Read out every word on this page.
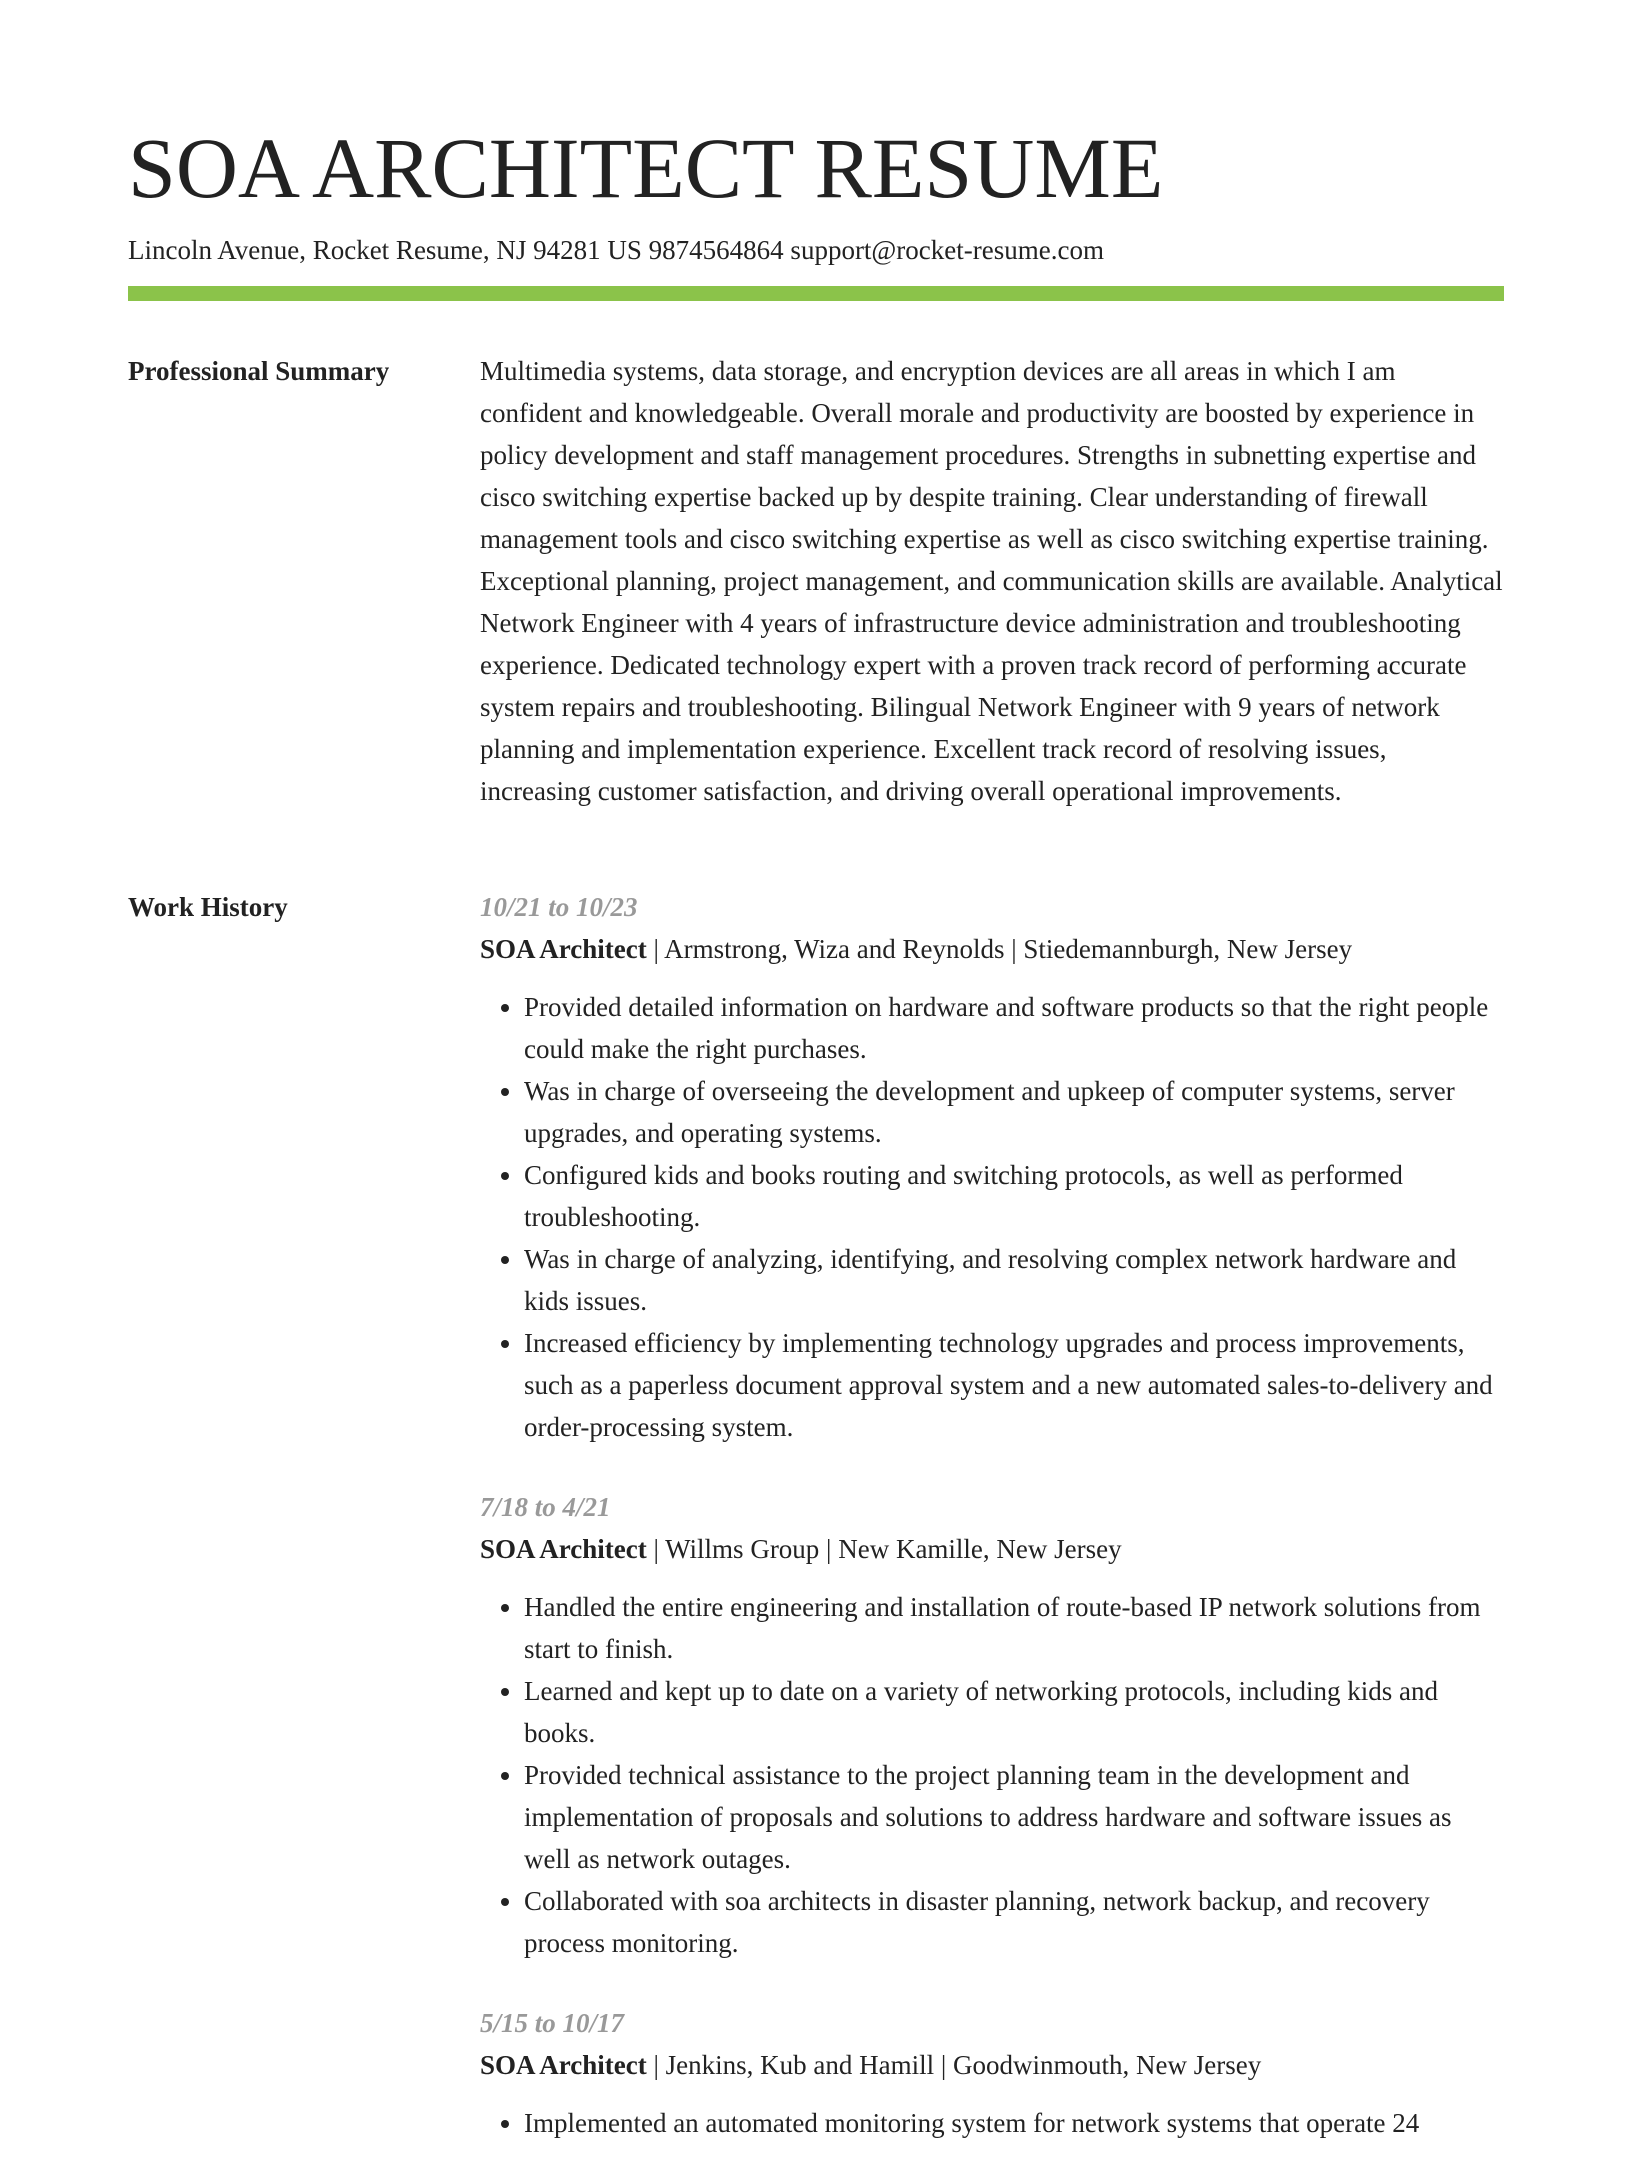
SOA ARCHITECT RESUME
Lincoln Avenue, Rocket Resume, NJ 94281 US 9874564864 support@rocket-resume.com
Professional Summary	Multimedia systems, data storage, and encryption devices are all areas in which I am confident and knowledgeable. Overall morale and productivity are boosted by experience in policy development and staff management procedures. Strengths in subnetting expertise and cisco switching expertise backed up by despite training. Clear understanding of firewall management tools and cisco switching expertise as well as cisco switching expertise training. Exceptional planning, project management, and communication skills are available. Analytical Network Engineer with 4 years of infrastructure device administration and troubleshooting experience. Dedicated technology expert with a proven track record of performing accurate system repairs and troubleshooting. Bilingual Network Engineer with 9 years of network planning and implementation experience. Excellent track record of resolving issues, increasing customer satisfaction, and driving overall operational improvements.

Work History	10/21 to 10/23
SOA Architect | Armstrong, Wiza and Reynolds | Stiedemannburgh, New Jersey
• Provided detailed information on hardware and software products so that the right people could make the right purchases.
• Was in charge of overseeing the development and upkeep of computer systems, server upgrades, and operating systems.
• Configured kids and books routing and switching protocols, as well as performed troubleshooting.
• Was in charge of analyzing, identifying, and resolving complex network hardware and kids issues.
• Increased efficiency by implementing technology upgrades and process improvements, such as a paperless document approval system and a new automated sales-to-delivery and order-processing system.
7/18 to 4/21
SOA Architect | Willms Group | New Kamille, New Jersey
• Handled the entire engineering and installation of route-based IP network solutions from start to finish.
• Learned and kept up to date on a variety of networking protocols, including kids and books.
• Provided technical assistance to the project planning team in the development and implementation of proposals and solutions to address hardware and software issues as well as network outages.
• Collaborated with soa architects in disaster planning, network backup, and recovery process monitoring.
5/15 to 10/17
SOA Architect | Jenkins, Kub and Hamill | Goodwinmouth, New Jersey
• Implemented an automated monitoring system for network systems that operate 24
